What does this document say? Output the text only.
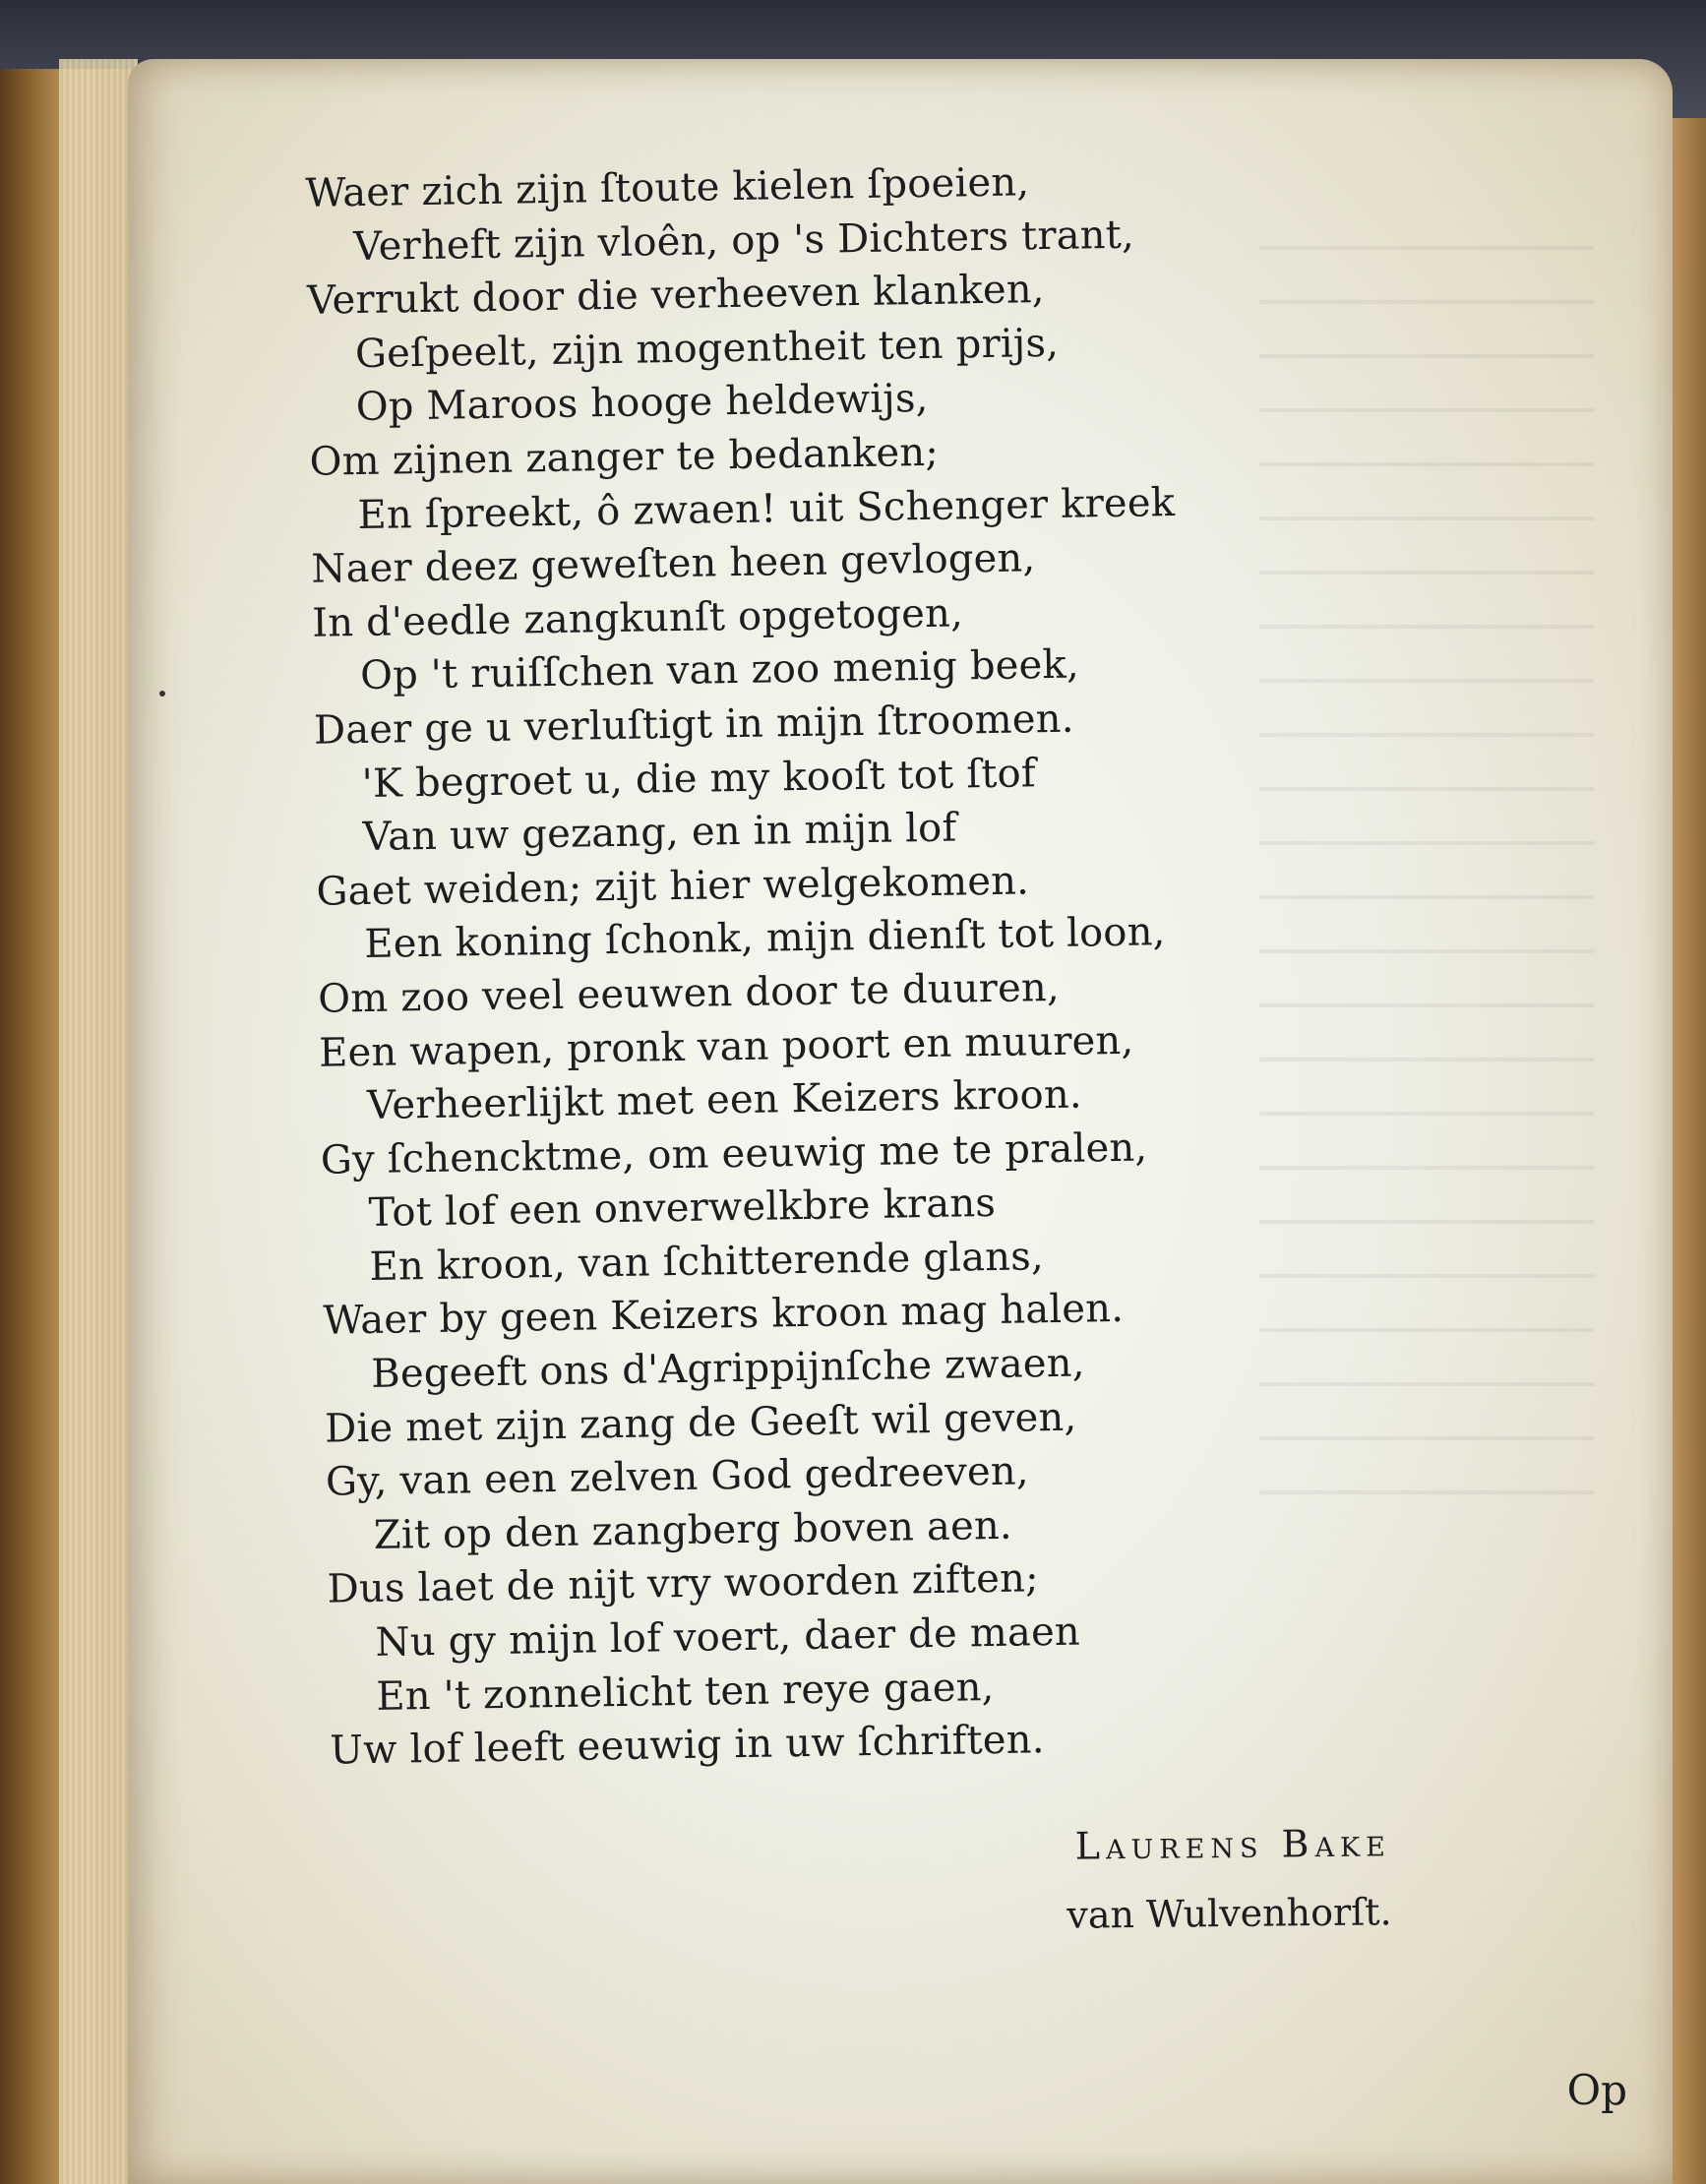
Waer zich zijn ſtoute kielen ſpoeien,
Verheft zijn vloên, op 's Dichters trant,
Verrukt door die verheeven klanken,
Geſpeelt, zijn mogentheit ten prijs,
Op Maroos hooge heldewijs,
Om zijnen zanger te bedanken;
En ſpreekt, ô zwaen! uit Schenger kreek
Naer deez geweſten heen gevlogen,
In d'eedle zangkunſt opgetogen,
Op 't ruiſſchen van zoo menig beek,
Daer ge u verluſtigt in mijn ſtroomen.
'K begroet u, die my kooſt tot ſtof
Van uw gezang, en in mijn lof
Gaet weiden; zijt hier welgekomen.
Een koning ſchonk, mijn dienſt tot loon,
Om zoo veel eeuwen door te duuren,
Een wapen, pronk van poort en muuren,
Verheerlijkt met een Keizers kroon.
Gy ſchencktme, om eeuwig me te pralen,
Tot lof een onverwelkbre krans
En kroon, van ſchitterende glans,
Waer by geen Keizers kroon mag halen.
Begeeft ons d'Agrippijnſche zwaen,
Die met zijn zang de Geeſt wil geven,
Gy, van een zelven God gedreeven,
Zit op den zangberg boven aen.
Dus laet de nijt vry woorden ziften;
Nu gy mijn lof voert, daer de maen
En 't zonnelicht ten reye gaen,
Uw lof leeft eeuwig in uw ſchriften.
Laurens Bake
van Wulvenhorſt.
Op
